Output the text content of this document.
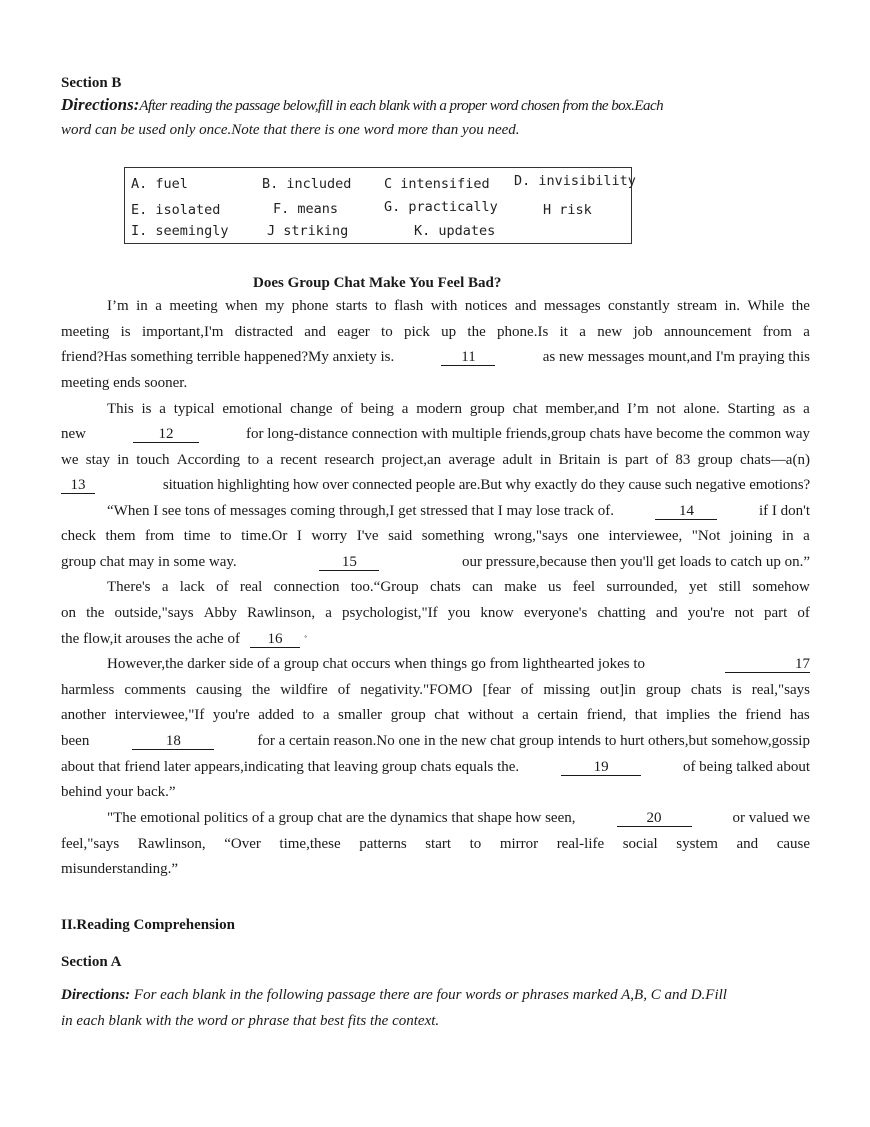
Section B
Directions:After reading the passage below,fill in each blank with a proper word chosen from the box.Each
word can be used only once.Note that there is one word more than you need.
A. fuel	B. included C intensified D. invisibility
E. isolated	F. means	G. practically	H risk
I. seemingly	J striking	K. updates
Does Group Chat Make You Feel Bad?
I’m in a meeting when my phone starts to flash with notices and messages constantly stream in. While the
meeting is important,I'm distracted and eager to pick up the phone.Is it a new job announcement from a
friend?Has something terrible happened?My anxiety is.	11	as new messages mount,and I'm praying this
meeting ends sooner.
This is a typical emotional change of being a modern group chat member,and I’m not alone. Starting as a
new	12	for long-distance connection with multiple friends,group chats have become the common way
we stay in touch According to a recent research project,an average adult in Britain is part of 83 group chats—a(n)
13	situation highlighting how over connected people are.But why exactly do they cause such negative emotions?
“When I see tons of messages coming through,I get stressed that I may lose track of.	14	if I don't
check them from time to time.Or I worry I've said something wrong,"says one interviewee, "Not joining in a
group chat may in some way.	15	our pressure,because then you'll get loads to catch up on.”
There's a lack of real connection too.“Group chats can make us feel surrounded, yet still somehow
on the outside,"says Abby Rawlinson, a psychologist,"If you know everyone's chatting and you're not part of
the flow,it arouses the ache of	16	˚
However,the darker side of a group chat occurs when things go from lighthearted jokes to	17
harmless comments causing the wildfire of negativity."FOMO [fear of missing out]in group chats is real,"says
another interviewee,"If you're added to a smaller group chat without a certain friend, that implies the friend has
been	18	for a certain reason.No one in the new chat group intends to hurt others,but somehow,gossip
about that friend later appears,indicating that leaving group chats equals the.	19	of being talked about
behind your back.”
"The emotional politics of a group chat are the dynamics that shape how seen,	20	or valued we
feel,"says Rawlinson, “Over time,these patterns start to mirror real-life social system and cause
misunderstanding.”
II.Reading Comprehension
Section A
Directions: For each blank in the following passage there are four words or phrases marked A,B, C and D.Fill
in each blank with the word or phrase that best fits the context.
